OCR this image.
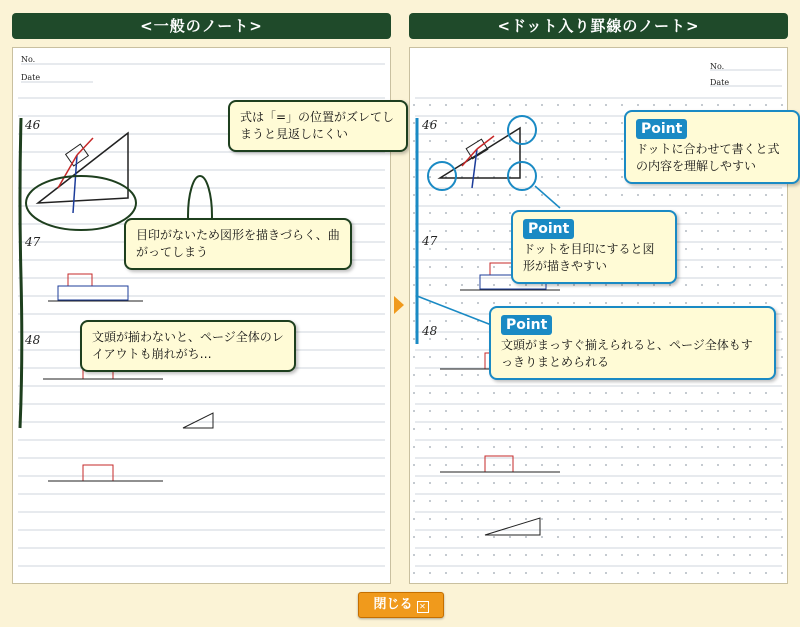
<一般のノート>
No.
Date
46
47
48
式は「=」の位置がズレてしまうと見返しにくい
目印がないため図形を描きづらく、曲がってしまう
文頭が揃わないと、ページ全体のレイアウトも崩れがち…
<ドット入り罫線のノート>
No.
Date
46
47
48
Point
ドットに合わせて書くと式の内容を理解しやすい
Point
ドットを目印にすると図形が描きやすい
Point
文頭がまっすぐ揃えられると、ページ全体もすっきりまとめられる
閉じる ✕
